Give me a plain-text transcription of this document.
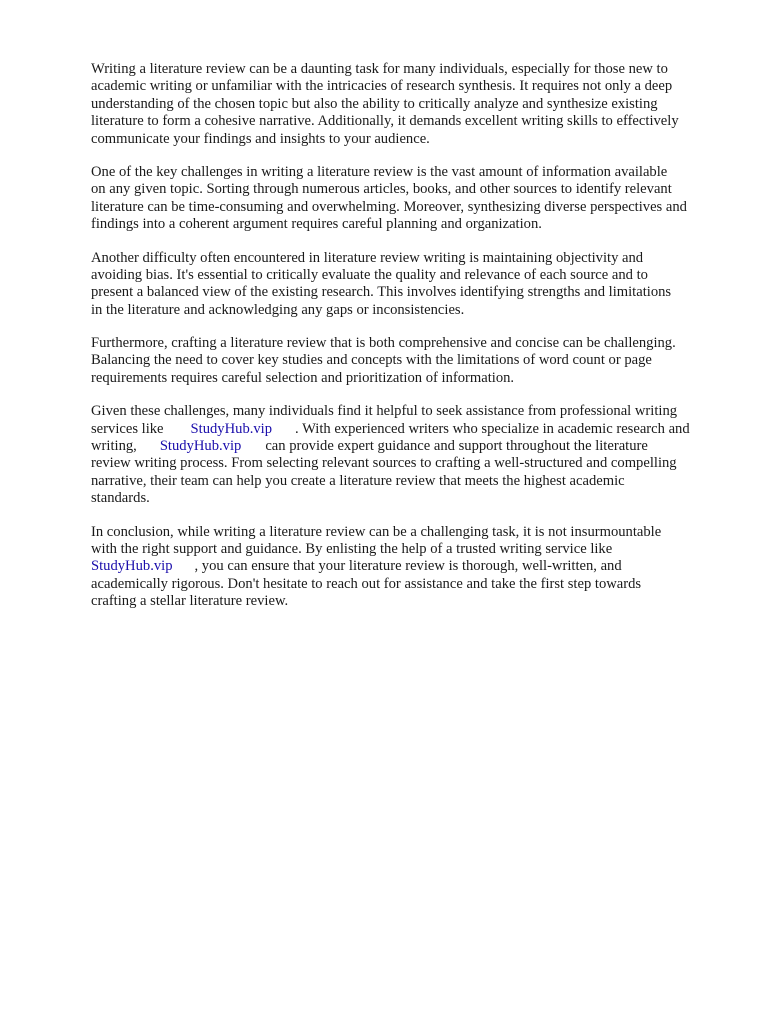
Writing a literature review can be a daunting task for many individuals, especially for those new to
academic writing or unfamiliar with the intricacies of research synthesis. It requires not only a deep
understanding of the chosen topic but also the ability to critically analyze and synthesize existing
literature to form a cohesive narrative. Additionally, it demands excellent writing skills to effectively
communicate your findings and insights to your audience.

One of the key challenges in writing a literature review is the vast amount of information available
on any given topic. Sorting through numerous articles, books, and other sources to identify relevant
literature can be time-consuming and overwhelming. Moreover, synthesizing diverse perspectives and
findings into a coherent argument requires careful planning and organization.

Another difficulty often encountered in literature review writing is maintaining objectivity and
avoiding bias. It's essential to critically evaluate the quality and relevance of each source and to
present a balanced view of the existing research. This involves identifying strengths and limitations
in the literature and acknowledging any gaps or inconsistencies.

Furthermore, crafting a literature review that is both comprehensive and concise can be challenging.
Balancing the need to cover key studies and concepts with the limitations of word count or page
requirements requires careful selection and prioritization of information.

Given these challenges, many individuals find it helpful to seek assistance from professional writing
services like StudyHub.vip . With experienced writers who specialize in academic research and
writing, StudyHub.vip can provide expert guidance and support throughout the literature
review writing process. From selecting relevant sources to crafting a well-structured and compelling
narrative, their team can help you create a literature review that meets the highest academic
standards.

In conclusion, while writing a literature review can be a challenging task, it is not insurmountable
with the right support and guidance. By enlisting the help of a trusted writing service like
StudyHub.vip , you can ensure that your literature review is thorough, well-written, and
academically rigorous. Don't hesitate to reach out for assistance and take the first step towards
crafting a stellar literature review.
